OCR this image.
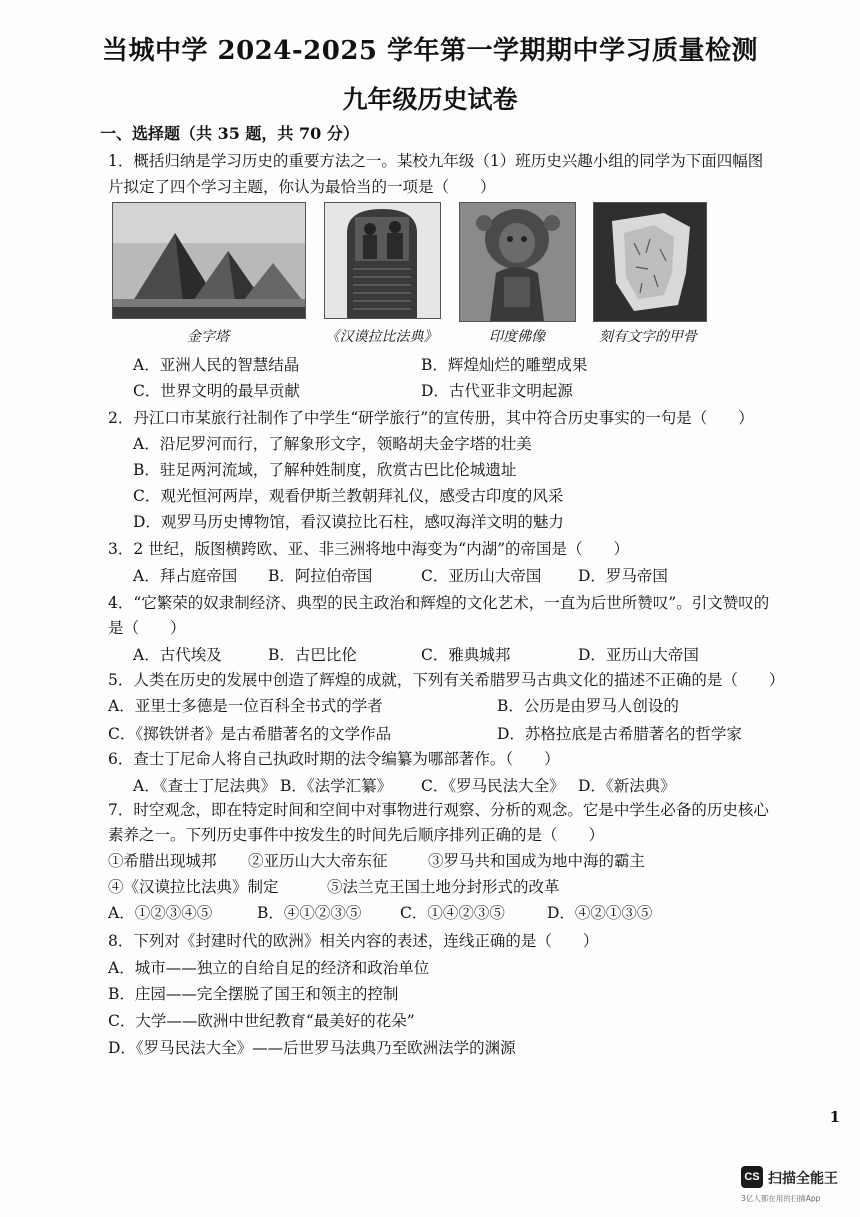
当城中学 2024-2025 学年第一学期期中学习质量检测
九年级历史试卷
一、选择题（共 35 题，共 70 分）
1．概括归纳是学习历史的重要方法之一。某校九年级（1）班历史兴趣小组的同学为下面四幅图
片拟定了四个学习主题，你认为最恰当的一项是（　　）
金字塔	《汉谟拉比法典》	印度佛像	刻有文字的甲骨
A．亚洲人民的智慧结晶	B．辉煌灿烂的雕塑成果
C．世界文明的最早贡献	D．古代亚非文明起源
2．丹江口市某旅行社制作了中学生“研学旅行”的宣传册，其中符合历史事实的一句是（　　）
A．沿尼罗河而行，了解象形文字，领略胡夫金字塔的壮美
B．驻足两河流域，了解种姓制度，欣赏古巴比伦城遗址
C．观光恒河两岸，观看伊斯兰教朝拜礼仪，感受古印度的风采
D．观罗马历史博物馆，看汉谟拉比石柱，感叹海洋文明的魅力
3．2 世纪，版图横跨欧、亚、非三洲将地中海变为“内湖”的帝国是（　　）
A．拜占庭帝国 B．阿拉伯帝国	C．亚历山大帝国 D．罗马帝国
4．“它繁荣的奴隶制经济、典型的民主政治和辉煌的文化艺术，一直为后世所赞叹”。引文赞叹的
是（　　）
A．古代埃及	B．古巴比伦	C．雅典城邦	D．亚历山大帝国
5．人类在历史的发展中创造了辉煌的成就，下列有关希腊罗马古典文化的描述不正确的是（　　）
A．亚里士多德是一位百科全书式的学者	B．公历是由罗马人创设的
C．《掷铁饼者》是古希腊著名的文学作品	D．苏格拉底是古希腊著名的哲学家
6．查士丁尼命人将自己执政时期的法令编纂为哪部著作。（　　）
A．《查士丁尼法典》 B．《法学汇纂》 C．《罗马民法大全》 D．《新法典》
7．时空观念，即在特定时间和空间中对事物进行观察、分析的观念。它是中学生必备的历史核心
素养之一。下列历史事件中按发生的时间先后顺序排列正确的是（　　）
①希腊出现城邦 ②亚历山大大帝东征	③罗马共和国成为地中海的霸主
④《汉谟拉比法典》制定	⑤法兰克王国土地分封形式的改革
A．①②③④⑤	B．④①②③⑤ C．①④②③⑤	D．④②①③⑤
8．下列对《封建时代的欧洲》相关内容的表述，连线正确的是（　　）
A．城市——独立的自给自足的经济和政治单位
B．庄园——完全摆脱了国王和领主的控制
C．大学——欧洲中世纪教育“最美好的花朵”
D．《罗马民法大全》——后世罗马法典乃至欧洲法学的渊源
1
CS 扫描全能王
3亿人都在用的扫描App
